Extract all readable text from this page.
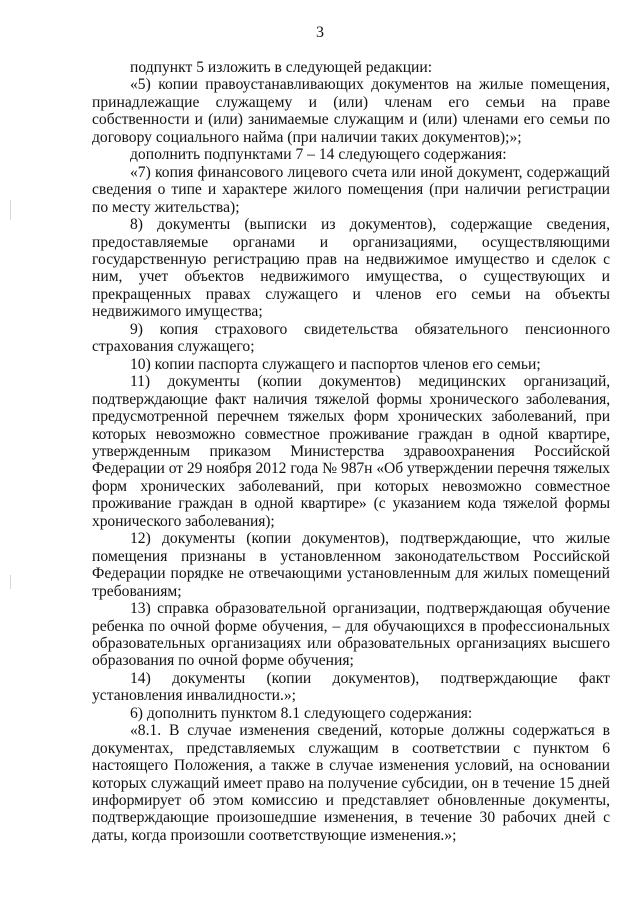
3

подпункт 5 изложить в следующей редакции:

«5) копии правоустанавливающих документов на жилые помещения, принадлежащие служащему и (или) членам его семьи на праве собственности и (или) занимаемые служащим и (или) членами его семьи по договору социального найма (при наличии таких документов);»;

дополнить подпунктами 7 – 14 следующего содержания:

«7) копия финансового лицевого счета или иной документ, содержащий сведения о типе и характере жилого помещения (при наличии регистрации по месту жительства);

8) документы (выписки из документов), содержащие сведения, предоставляемые органами и организациями, осуществляющими государственную регистрацию прав на недвижимое имущество и сделок с ним, учет объектов недвижимого имущества, о существующих и прекращенных правах служащего и членов его семьи на объекты недвижимого имущества;

9) копия страхового свидетельства обязательного пенсионного страхования служащего;

10) копии паспорта служащего и паспортов членов его семьи;

11) документы (копии документов) медицинских организаций, подтверждающие факт наличия тяжелой формы хронического заболевания, предусмотренной перечнем тяжелых форм хронических заболеваний, при которых невозможно совместное проживание граждан в одной квартире, утвержденным приказом Министерства здравоохранения Российской Федерации от 29 ноября 2012 года № 987н «Об утверждении перечня тяжелых форм хронических заболеваний, при которых невозможно совместное проживание граждан в одной квартире» (с указанием кода тяжелой формы хронического заболевания);

12) документы (копии документов), подтверждающие, что жилые помещения признаны в установленном законодательством Российской Федерации порядке не отвечающими установленным для жилых помещений требованиям;

13) справка образовательной организации, подтверждающая обучение ребенка по очной форме обучения, – для обучающихся в профессиональных образовательных организациях или образовательных организациях высшего образования по очной форме обучения;

14) документы (копии документов), подтверждающие факт установления инвалидности.»;

6) дополнить пунктом 8.1 следующего содержания:

«8.1. В случае изменения сведений, которые должны содержаться в документах, представляемых служащим в соответствии с пунктом 6 настоящего Положения, а также в случае изменения условий, на основании которых служащий имеет право на получение субсидии, он в течение 15 дней информирует об этом комиссию и представляет обновленные документы, подтверждающие произошедшие изменения, в течение 30 рабочих дней с даты, когда произошли соответствующие изменения.»;
